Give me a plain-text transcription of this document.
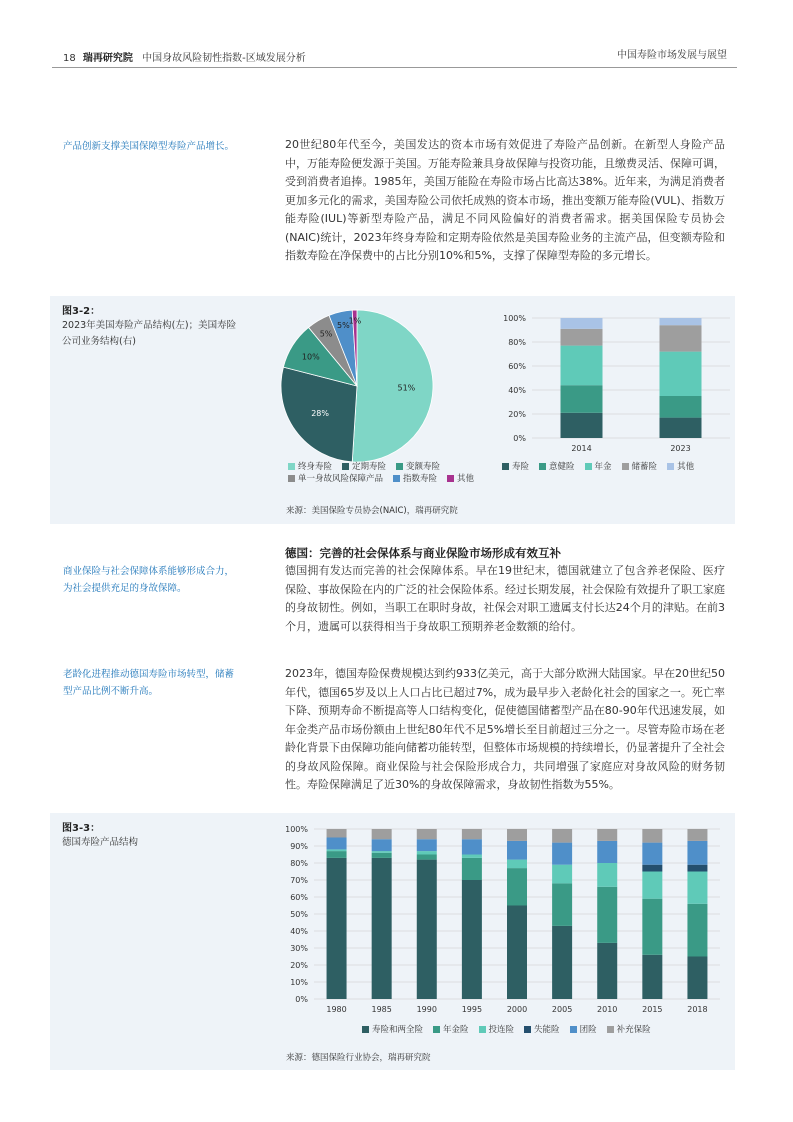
18 瑞再研究院 中国身故风险韧性指数-区域发展分析	中国寿险市场发展与展望
产品创新支撑美国保障型寿险产品增长。	20世纪80年代至今，美国发达的资本市场有效促进了寿险产品创新。在新型人身险产品中，万能寿险便发源于美国。万能寿险兼具身故保障与投资功能，且缴费灵活、保障可调，受到消费者追捧。1985年，美国万能险在寿险市场占比高达38%。近年来，为满足消费者更加多元化的需求，美国寿险公司依托成熟的资本市场，推出变额万能寿险(VUL)、指数万能寿险(IUL)等新型寿险产品，满足不同风险偏好的消费者需求。据美国保险专员协会(NAIC)统计，2023年终身寿险和定期寿险依然是美国寿险业务的主流产品，但变额寿险和指数寿险在净保费中的占比分别10%和5%，支撑了保障型寿险的多元增长。
图3-2：
2023年美国寿险产品结构(左)；美国寿险公司业务结构(右)
51%
28%
10%
5%
5%
1%
终身寿险 定期寿险 变额寿险单一身故风险保障产品 指数寿险 其他
0%
20%
40%
60%
80%
100%
2014	2023
寿险 意健险 年金 储蓄险 其他
来源：美国保险专员协会(NAIC)，瑞再研究院
德国：完善的社会保体系与商业保险市场形成有效互补
商业保险与社会保障体系能够形成合力，为社会提供充足的身故保障。
德国拥有发达而完善的社会保障体系。早在19世纪末，德国就建立了包含养老保险、医疗保险、事故保险在内的广泛的社会保险体系。经过长期发展，社会保险有效提升了职工家庭的身故韧性。例如，当职工在职时身故，社保会对职工遗属支付长达24个月的津贴。在前3个月，遗属可以获得相当于身故职工预期养老金数额的给付。
老龄化进程推动德国寿险市场转型，储蓄型产品比例不断升高。
2023年，德国寿险保费规模达到约933亿美元，高于大部分欧洲大陆国家。早在20世纪50年代，德国65岁及以上人口占比已超过7%，成为最早步入老龄化社会的国家之一。死亡率下降、预期寿命不断提高等人口结构变化，促使德国储蓄型产品在80-90年代迅速发展，如年金类产品市场份额由上世纪80年代不足5%增长至目前超过三分之一。尽管寿险市场在老龄化背景下由保障功能向储蓄功能转型，但整体市场规模的持续增长，仍显著提升了全社会的身故风险保障。商业保险与社会保险形成合力，共同增强了家庭应对身故风险的财务韧性。寿险保障满足了近30%的身故保障需求，身故韧性指数为55%。
图3-3：
德国寿险产品结构
0%
10%
20%
30%
40%
50%
60%
70%
80%
90%
100%
1980	1985	1990	1995	2000	2005	2010	2015	2018
寿险和两全险 年金险 投连险 失能险 团险 补充保险
来源：德国保险行业协会，瑞再研究院
